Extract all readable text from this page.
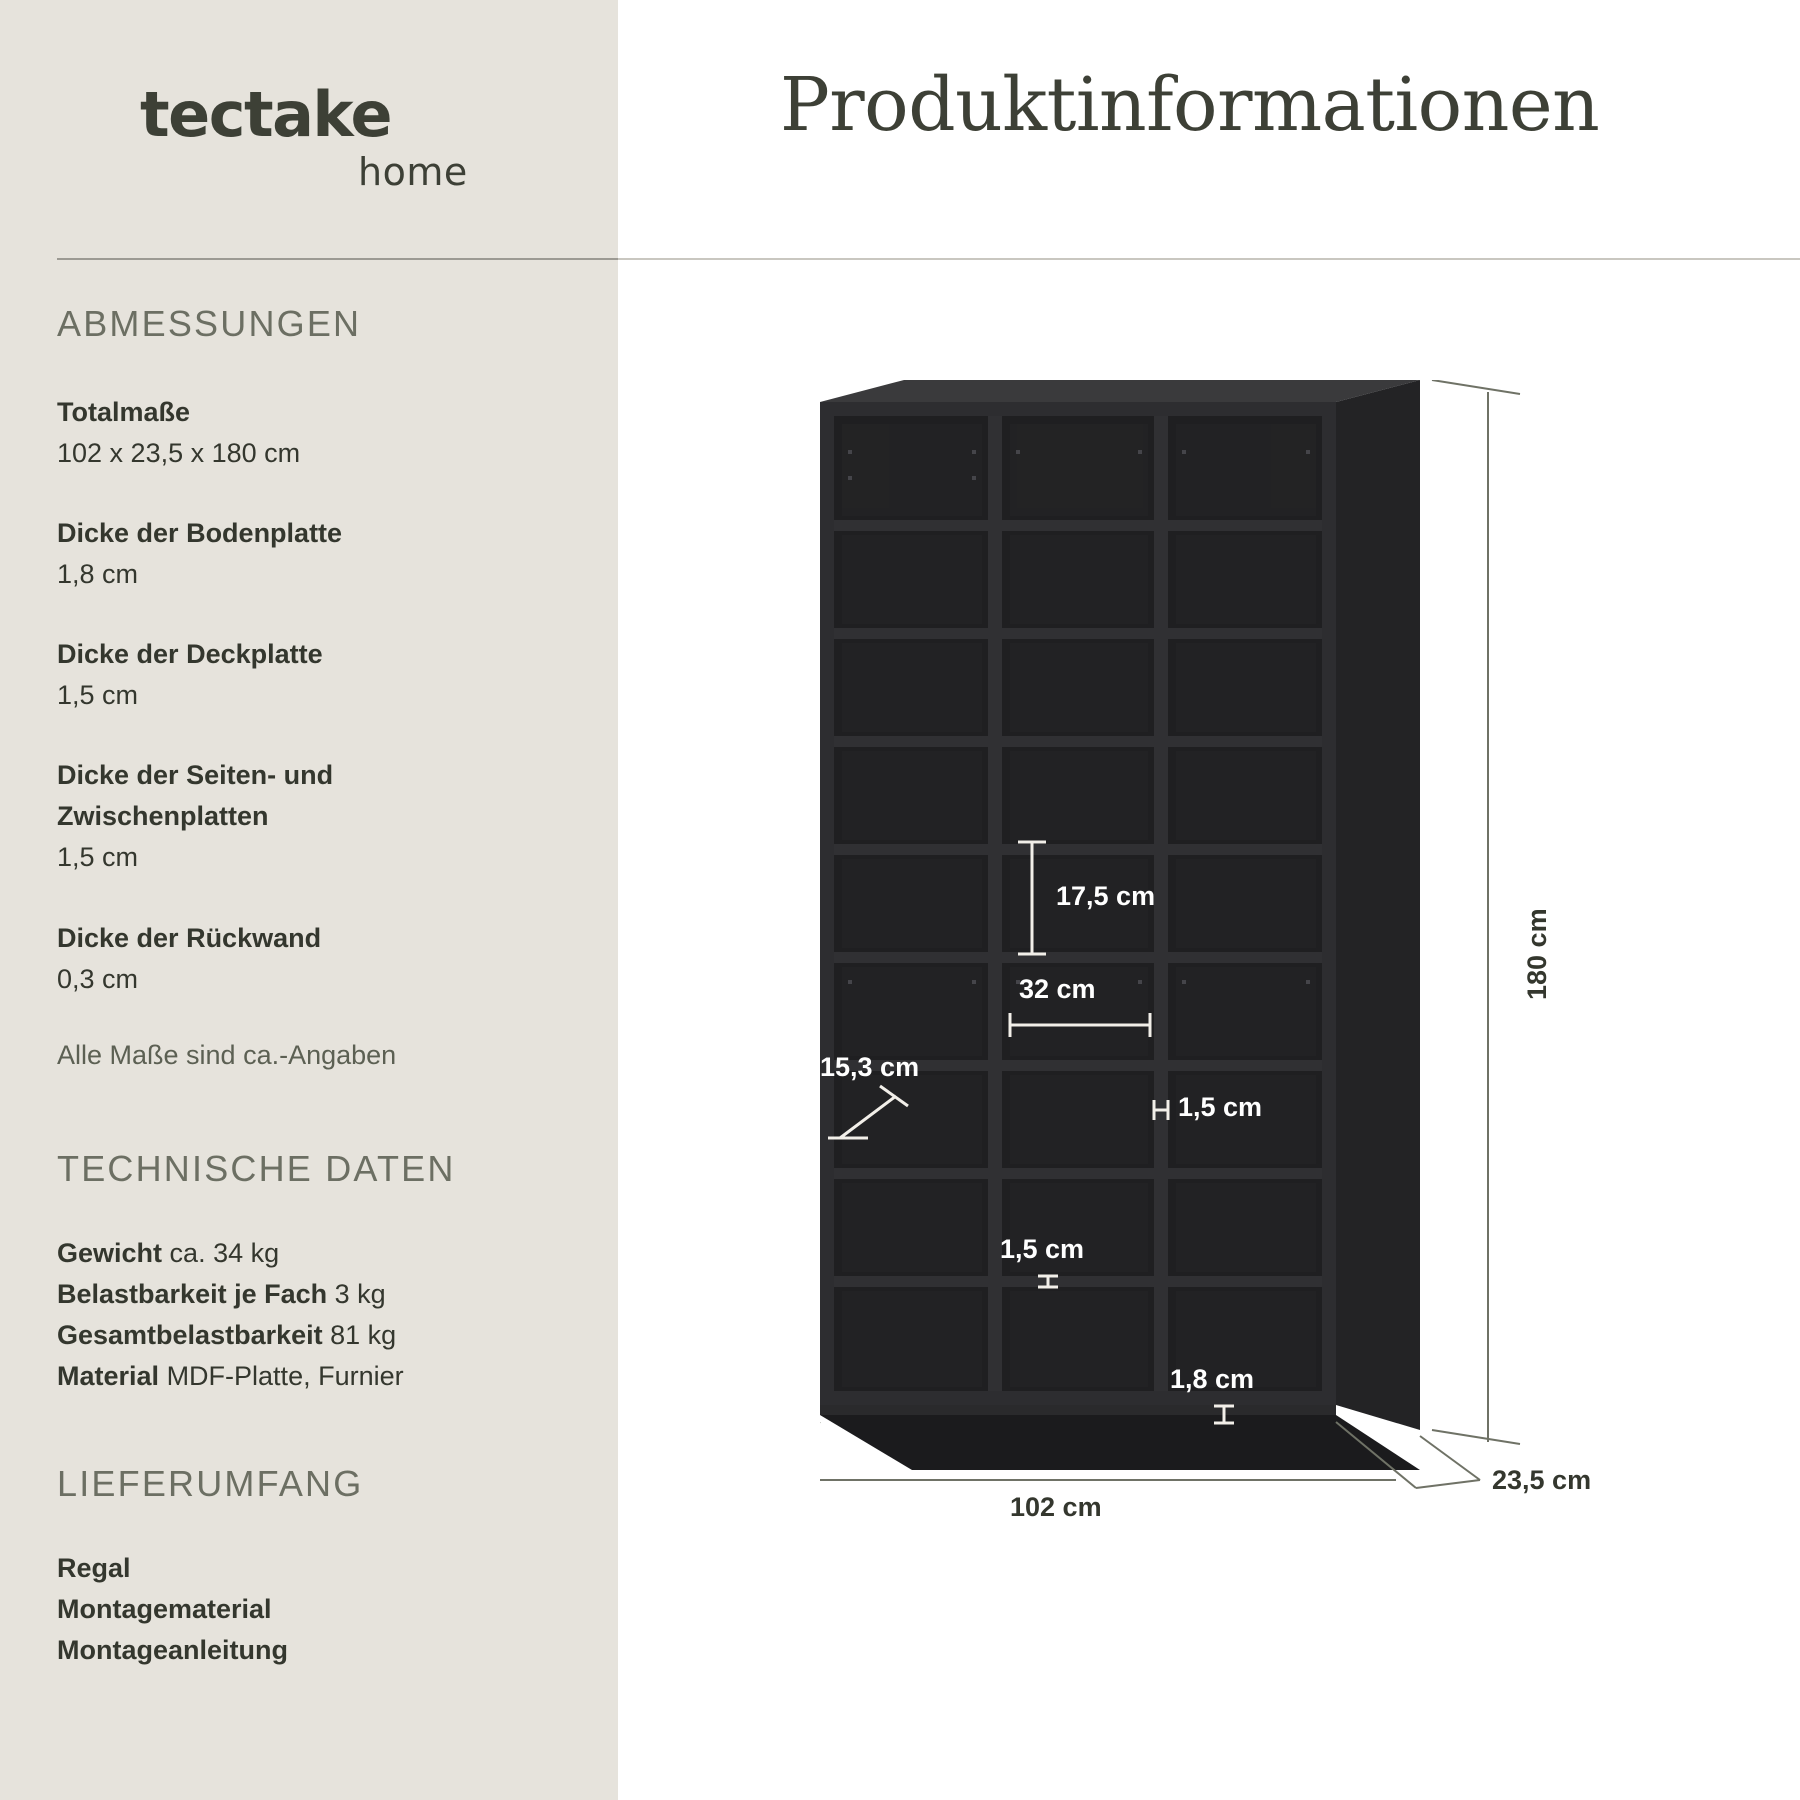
tectake
home
ABMESSUNGEN
Totalmaße
102 x 23,5 x 180 cm
Dicke der Bodenplatte
1,8 cm
Dicke der Deckplatte
1,5 cm
Dicke der Seiten- und Zwischenplatten
1,5 cm
Dicke der Rückwand
0,3 cm
Alle Maße sind ca.-Angaben
TECHNISCHE DATEN
Gewicht ca. 34 kg
Belastbarkeit je Fach 3 kg
Gesamtbelastbarkeit 81 kg
Material MDF-Platte, Furnier
LIEFERUMFANG
Regal
Montagematerial
Montageanleitung
Produktinformationen
17,5 cm
32 cm
15,3 cm
1,5 cm
1,5 cm
1,8 cm
180 cm
102 cm
23,5 cm
